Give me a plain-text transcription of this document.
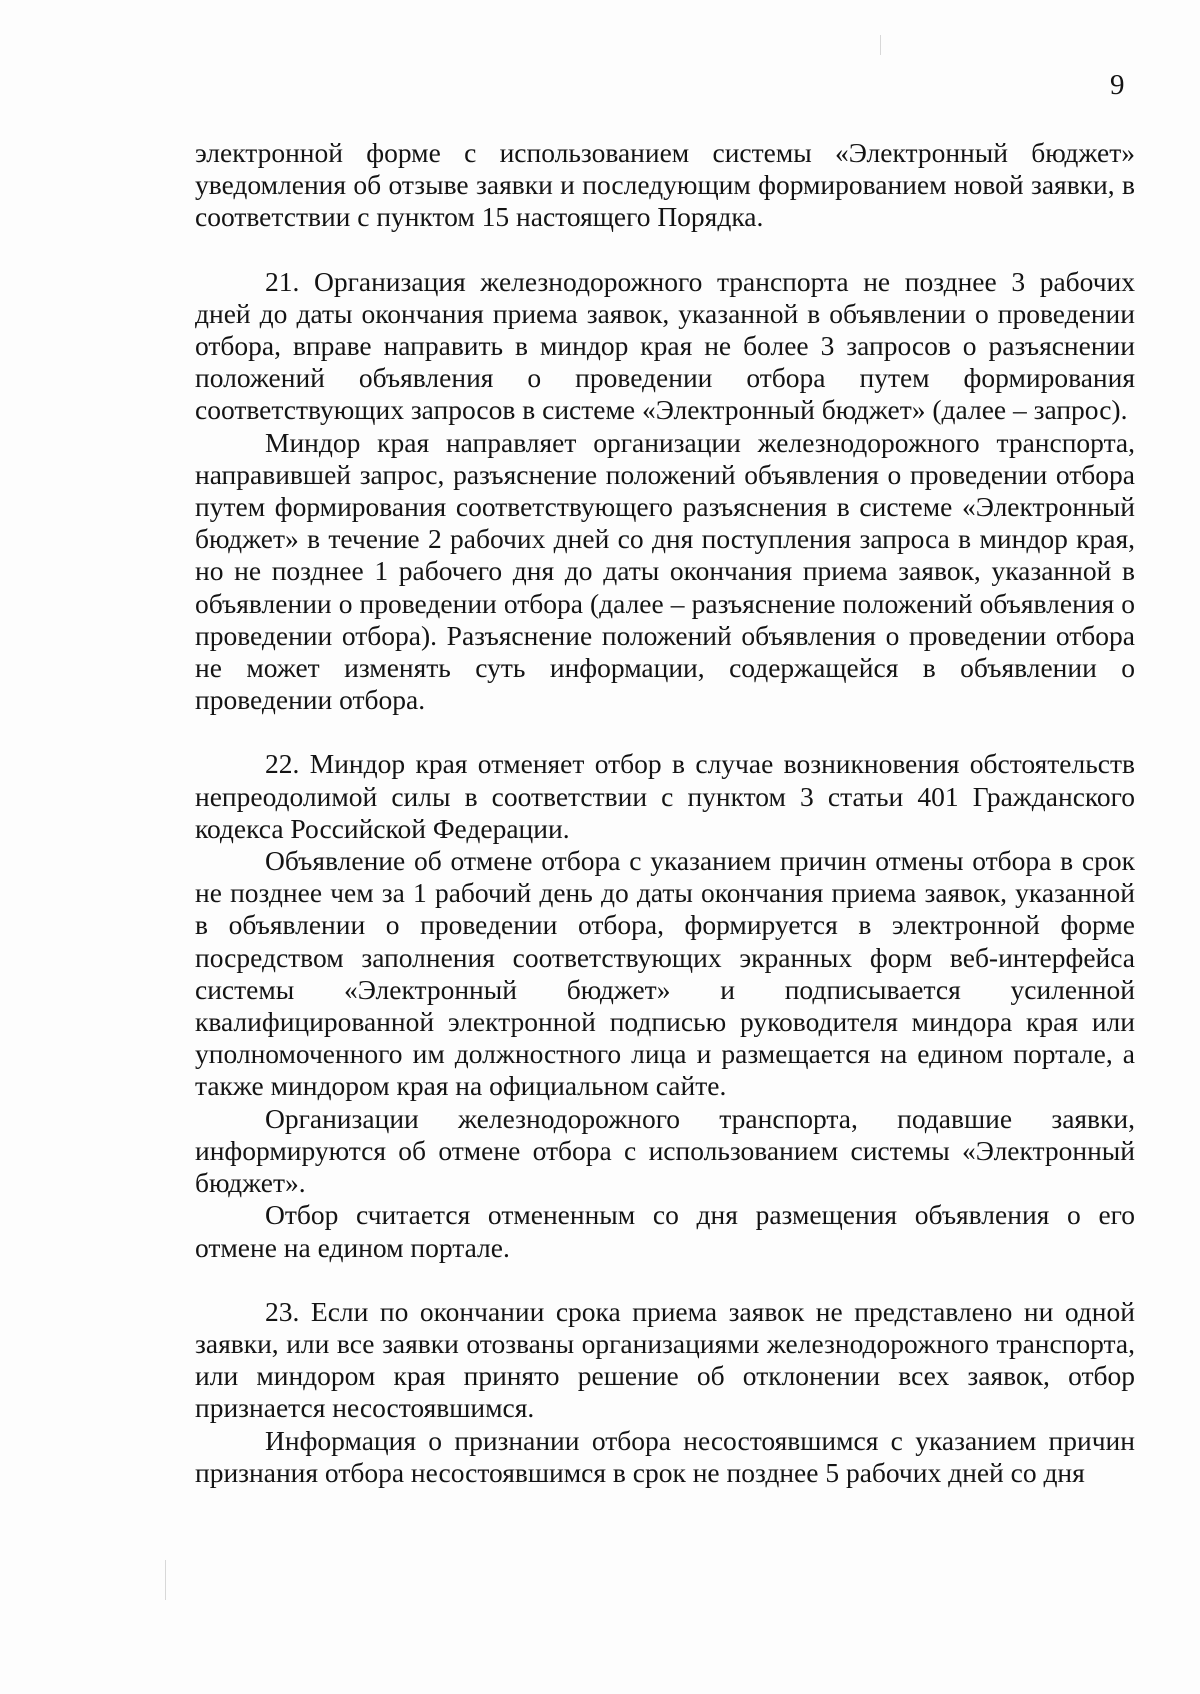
9

электронной форме с использованием системы «Электронный бюджет» уведомления об отзыве заявки и последующим формированием новой заявки, в соответствии с пунктом 15 настоящего Порядка.

21. Организация железнодорожного транспорта не позднее 3 рабочих дней до даты окончания приема заявок, указанной в объявлении о проведении отбора, вправе направить в миндор края не более 3 запросов о разъяснении положений объявления о проведении отбора путем формирования соответствующих запросов в системе «Электронный бюджет» (далее – запрос).

Миндор края направляет организации железнодорожного транспорта, направившей запрос, разъяснение положений объявления о проведении отбора путем формирования соответствующего разъяснения в системе «Электронный бюджет» в течение 2 рабочих дней со дня поступления запроса в миндор края, но не позднее 1 рабочего дня до даты окончания приема заявок, указанной в объявлении о проведении отбора (далее – разъяснение положений объявления о проведении отбора). Разъяснение положений объявления о проведении отбора не может изменять суть информации, содержащейся в объявлении о проведении отбора.

22. Миндор края отменяет отбор в случае возникновения обстоятельств непреодолимой силы в соответствии с пунктом 3 статьи 401 Гражданского кодекса Российской Федерации.

Объявление об отмене отбора с указанием причин отмены отбора в срок не позднее чем за 1 рабочий день до даты окончания приема заявок, указанной в объявлении о проведении отбора, формируется в электронной форме посредством заполнения соответствующих экранных форм веб-интерфейса системы «Электронный бюджет» и подписывается усиленной квалифицированной электронной подписью руководителя миндора края или уполномоченного им должностного лица и размещается на едином портале, а также миндором края на официальном сайте.

Организации железнодорожного транспорта, подавшие заявки, информируются об отмене отбора с использованием системы «Электронный бюджет».

Отбор считается отмененным со дня размещения объявления о его отмене на едином портале.

23. Если по окончании срока приема заявок не представлено ни одной заявки, или все заявки отозваны организациями железнодорожного транспорта, или миндором края принято решение об отклонении всех заявок, отбор признается несостоявшимся.

Информация о признании отбора несостоявшимся с указанием причин признания отбора несостоявшимся в срок не позднее 5 рабочих дней со дня
